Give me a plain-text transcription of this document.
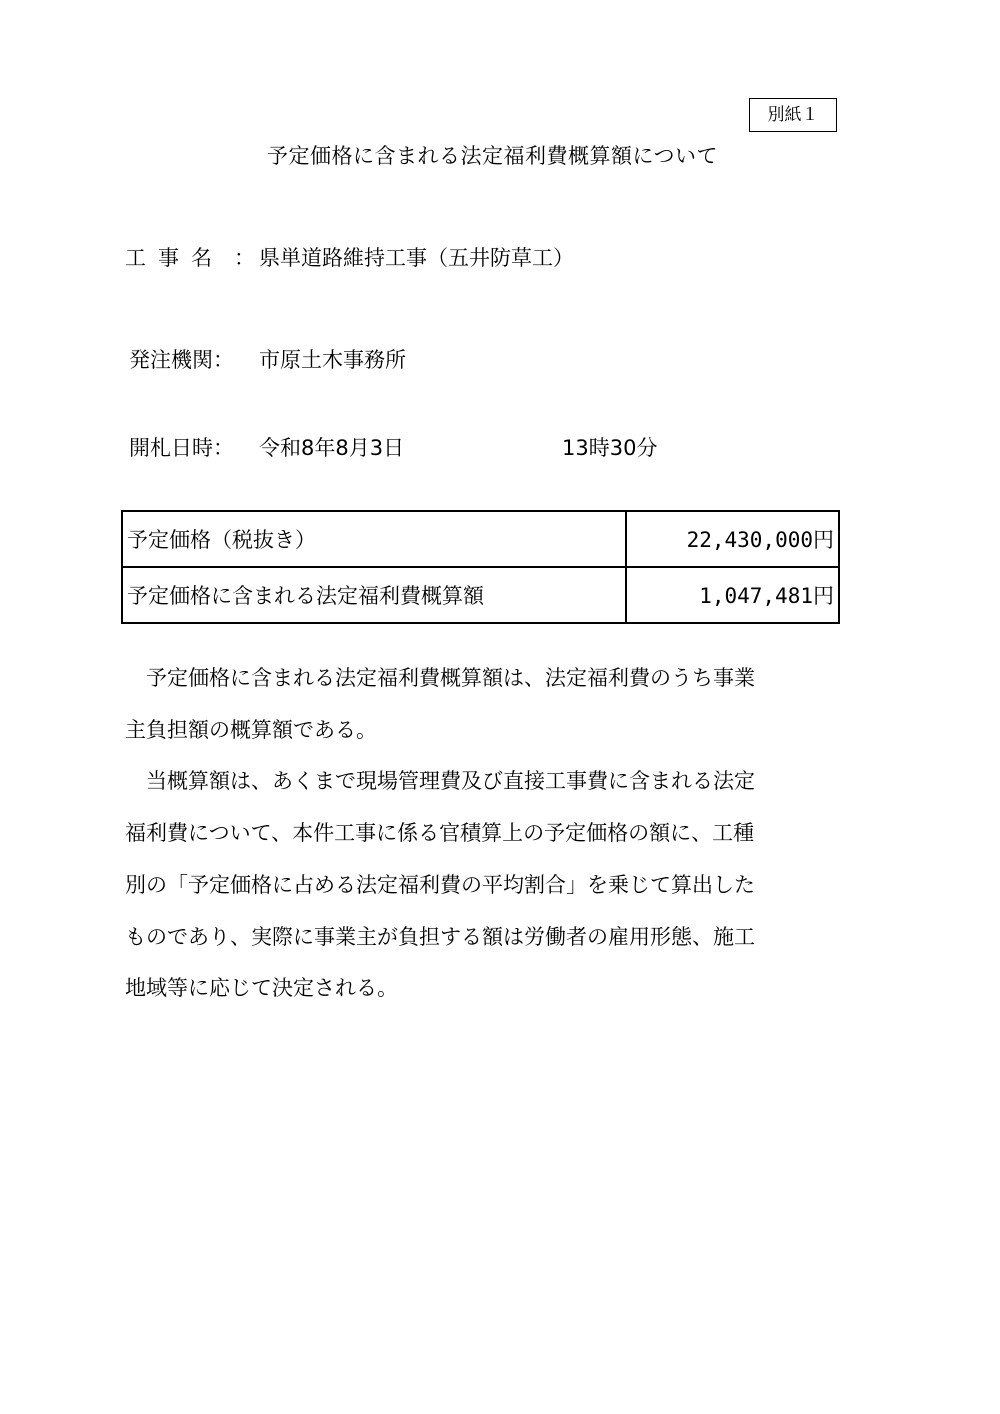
別紙１
予定価格に含まれる法定福利費概算額について
工事名 ： 県単道路維持工事（五井防草工）
発注機関： 市原土木事務所
開札日時： 令和8年8月3日	13時30分
予定価格（税抜き）	22,430,000円
予定価格に含まれる法定福利費概算額	1,047,481円

予定価格に含まれる法定福利費概算額は、法定福利費のうち事業主負担額の概算額である。

当概算額は、あくまで現場管理費及び直接工事費に含まれる法定福利費について、本件工事に係る官積算上の予定価格の額に、工種別の「予定価格に占める法定福利費の平均割合」を乗じて算出したものであり、実際に事業主が負担する額は労働者の雇用形態、施工地域等に応じて決定される。
